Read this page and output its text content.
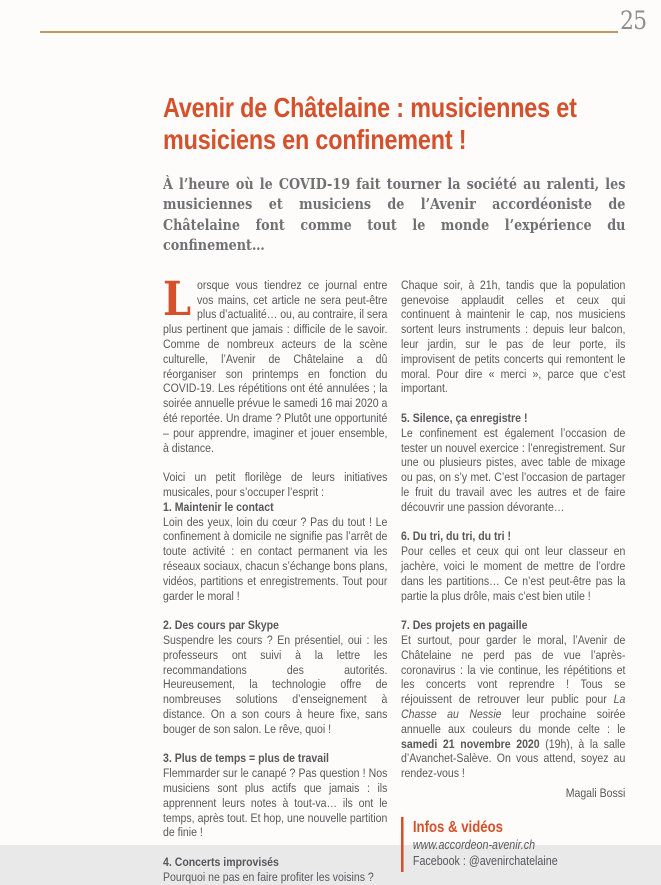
25
Avenir de Châtelaine : musiciennes et
musiciens en confinement !

À l’heure où le COVID-19 fait tourner la société au ralenti, les musiciennes et musiciens de l’Avenir accordéoniste de Châtelaine font comme tout le monde l’expérience du confinement…

Lorsque vous tiendrez ce journal entre vos mains, cet article ne sera peut-être plus d’actualité… ou, au contraire, il sera plus pertinent que jamais : difficile de le savoir. Comme de nombreux acteurs de la scène culturelle, l’Avenir de Châtelaine a dû réorganiser son printemps en fonction du COVID-19. Les répétitions ont été annulées ; la soirée annuelle prévue le samedi 16 mai 2020 a été reportée. Un drame ? Plutôt une opportunité – pour apprendre, imaginer et jouer ensemble, à distance.
Voici un petit florilège de leurs initiatives musicales, pour s’occuper l’esprit :
1. Maintenir le contact
Loin des yeux, loin du cœur ? Pas du tout ! Le confinement à domicile ne signifie pas l’arrêt de toute activité : en contact permanent via les réseaux sociaux, chacun s’échange bons plans, vidéos, partitions et enregistrements. Tout pour garder le moral !
2. Des cours par Skype
Suspendre les cours ? En présentiel, oui : les professeurs ont suivi à la lettre les recommandations des autorités. Heureusement, la technologie offre de nombreuses solutions d’enseignement à distance. On a son cours à heure fixe, sans bouger de son salon. Le rêve, quoi !
3. Plus de temps = plus de travail
Flemmarder sur le canapé ? Pas question ! Nos musiciens sont plus actifs que jamais : ils apprennent leurs notes à tout-va… ils ont le temps, après tout. Et hop, une nouvelle partition de finie !
4. Concerts improvisés
Pourquoi ne pas en faire profiter les voisins ?
Chaque soir, à 21h, tandis que la population genevoise applaudit celles et ceux qui continuent à maintenir le cap, nos musiciens sortent leurs instruments : depuis leur balcon, leur jardin, sur le pas de leur porte, ils improvisent de petits concerts qui remontent le moral. Pour dire « merci », parce que c’est important.
5. Silence, ça enregistre !
Le confinement est également l’occasion de tester un nouvel exercice : l’enregistrement. Sur une ou plusieurs pistes, avec table de mixage ou pas, on s’y met. C’est l’occasion de partager le fruit du travail avec les autres et de faire découvrir une passion dévorante…
6. Du tri, du tri, du tri !
Pour celles et ceux qui ont leur classeur en jachère, voici le moment de mettre de l’ordre dans les partitions… Ce n’est peut-être pas la partie la plus drôle, mais c’est bien utile !
7. Des projets en pagaille
Et surtout, pour garder le moral, l’Avenir de Châtelaine ne perd pas de vue l’après-coronavirus : la vie continue, les répétitions et les concerts vont reprendre ! Tous se réjouissent de retrouver leur public pour La Chasse au Nessie leur prochaine soirée annuelle aux couleurs du monde celte : le samedi 21 novembre 2020 (19h), à la salle d’Avanchet-Salève. On vous attend, soyez au rendez-vous !
Magali Bossi
Infos & vidéos
www.accordeon-avenir.ch
Facebook : @avenirchatelaine
